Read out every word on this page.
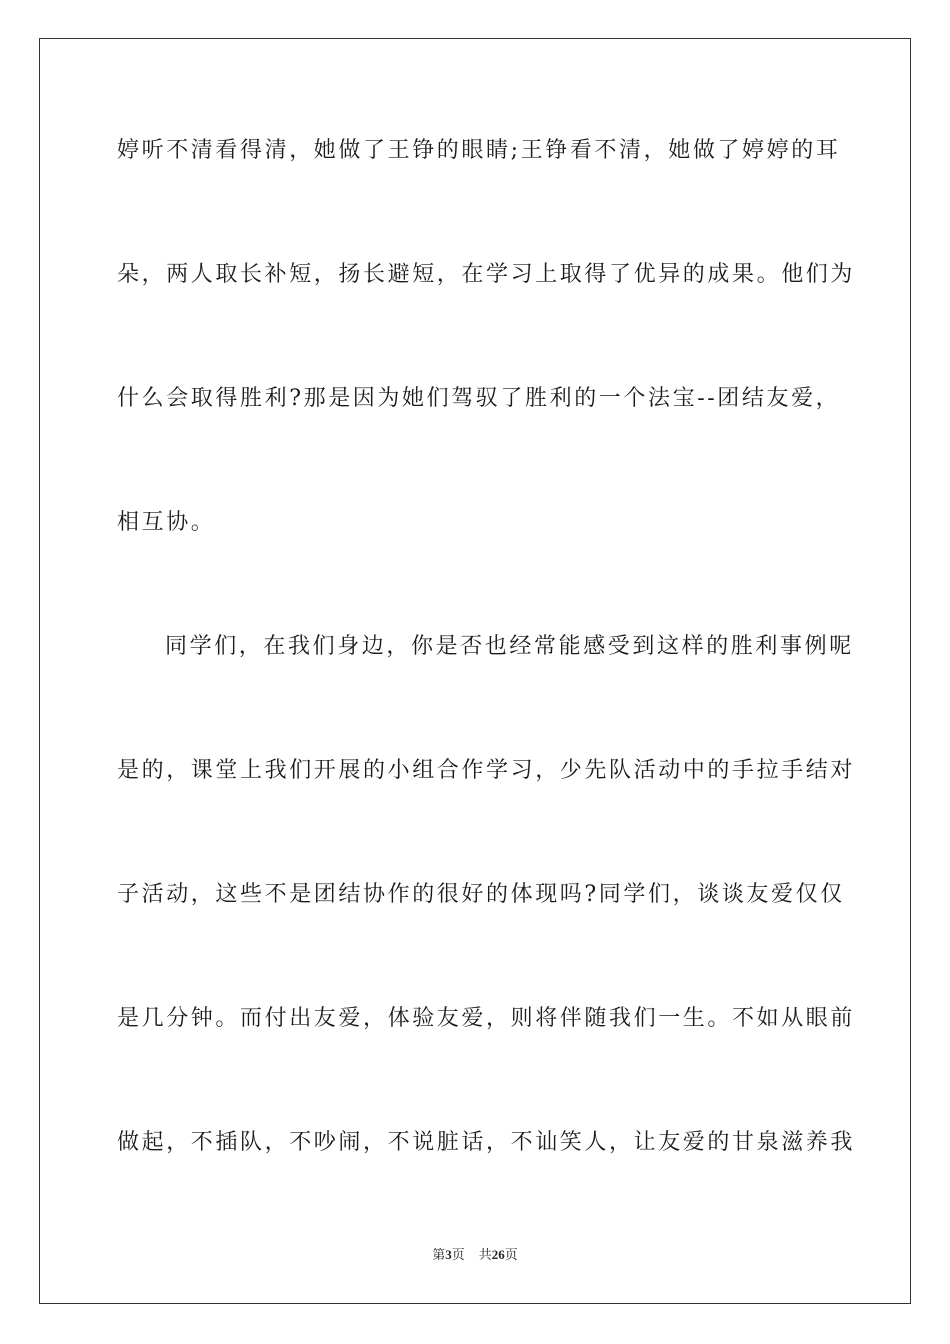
婷听不清看得清，她做了王铮的眼睛;王铮看不清，她做了婷婷的耳
朵，两人取长补短，扬长避短，在学习上取得了优异的成果。他们为
什么会取得胜利?那是因为她们驾驭了胜利的一个法宝--团结友爱，
相互协。
同学们，在我们身边，你是否也经常能感受到这样的胜利事例呢
是的，课堂上我们开展的小组合作学习，少先队活动中的手拉手结对
子活动，这些不是团结协作的很好的体现吗?同学们，谈谈友爱仅仅
是几分钟。而付出友爱，体验友爱，则将伴随我们一生。不如从眼前
做起，不插队，不吵闹，不说脏话，不讪笑人，让友爱的甘泉滋养我
第3页 共26页
